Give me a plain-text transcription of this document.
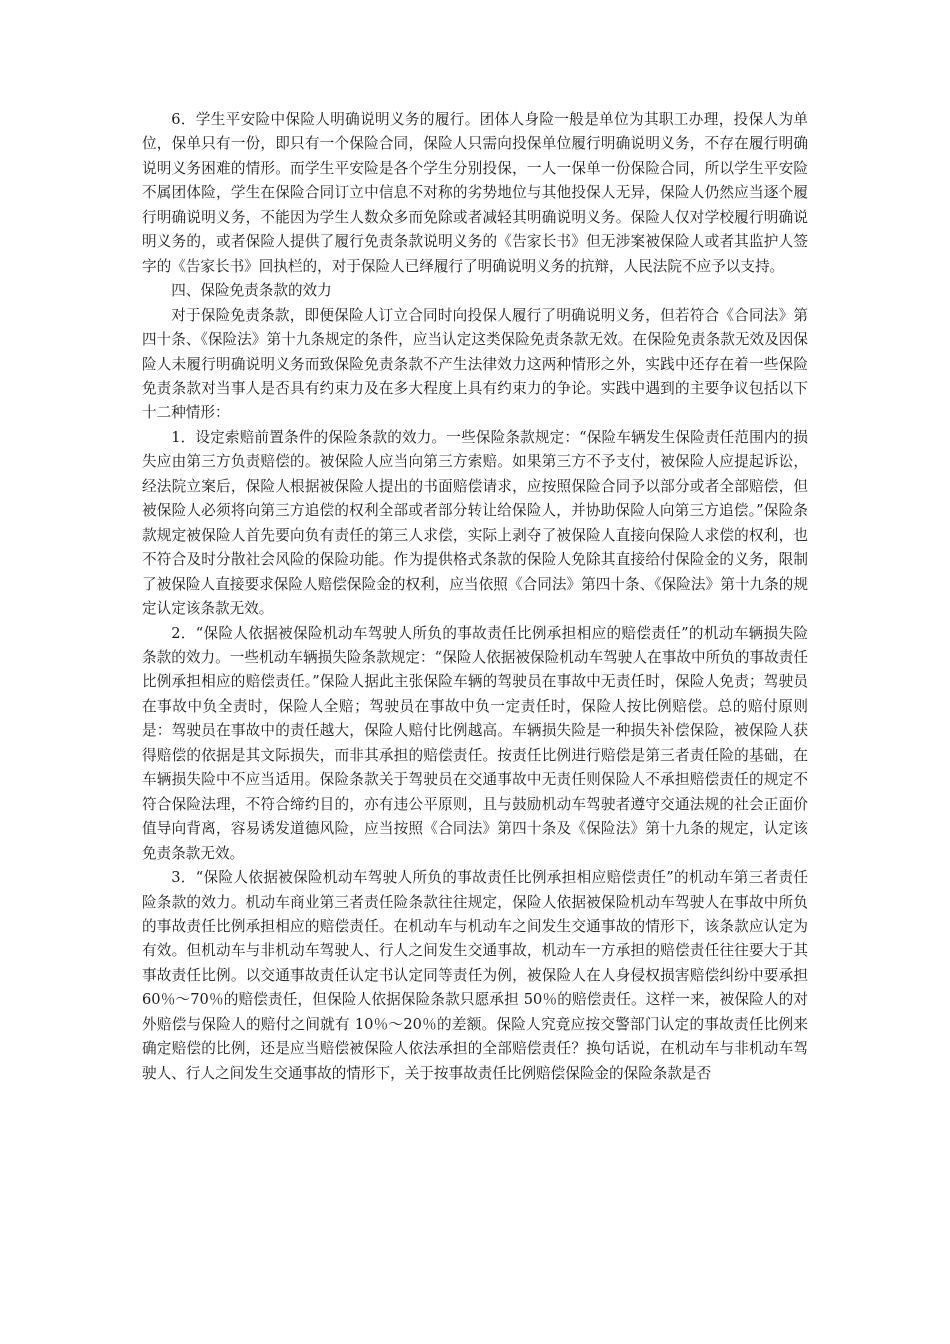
6．学生平安险中保险人明确说明义务的履行。团体人身险一般是单位为其职工办理，投保人为单位，保单只有一份，即只有一个保险合同，保险人只需向投保单位履行明确说明义务，不存在履行明确说明义务困难的情形。而学生平安险是各个学生分别投保，一人一保单一份保险合同，所以学生平安险不属团体险，学生在保险合同订立中信息不对称的劣势地位与其他投保人无异，保险人仍然应当逐个履行明确说明义务，不能因为学生人数众多而免除或者减轻其明确说明义务。保险人仅对学校履行明确说明义务的，或者保险人提供了履行免责条款说明义务的《告家长书》但无涉案被保险人或者其监护人签字的《告家长书》回执栏的，对于保险人已绎履行了明确说明义务的抗辩，人民法院不应予以支持。

四、保险免责条款的效力

对于保险免责条款，即便保险人订立合同时向投保人履行了明确说明义务，但若符合《合同法》第四十条、《保险法》第十九条规定的条件，应当认定这类保险免责条款无效。在保险免责条款无效及因保险人未履行明确说明义务而致保险免责条款不产生法律效力这两种情形之外，实践中还存在着一些保险免责条款对当事人是否具有约束力及在多大程度上具有约束力的争论。实践中遇到的主要争议包括以下十二种情形：

1．设定索赔前置条件的保险条款的效力。一些保险条款规定：“保险车辆发生保险责任范围内的损失应由第三方负责赔偿的。被保险人应当向第三方索赔。如果第三方不予支付，被保险人应提起诉讼，经法院立案后，保险人根据被保险人提出的书面赔偿请求，应按照保险合同予以部分或者全部赔偿，但被保险人必须将向第三方追偿的权利全部或者部分转让给保险人，并协助保险人向第三方追偿。”保险条款规定被保险人首先要向负有责任的第三人求偿，实际上剥夺了被保险人直接向保险人求偿的权利，也不符合及时分散社会风险的保险功能。作为提供格式条款的保险人免除其直接给付保险金的义务，限制了被保险人直接要求保险人赔偿保险金的权利，应当依照《合同法》第四十条、《保险法》第十九条的规定认定该条款无效。

2．“保险人依据被保险机动车驾驶人所负的事故责任比例承担相应的赔偿责任”的机动车辆损失险条款的效力。一些机动车辆损失险条款规定：“保险人依据被保险机动车驾驶人在事故中所负的事故责任比例承担相应的赔偿责任。”保险人据此主张保险车辆的驾驶员在事故中无责任时，保险人免责；驾驶员在事故中负全责时，保险人全赔；驾驶员在事故中负一定责任时，保险人按比例赔偿。总的赔付原则是：驾驶员在事故中的责任越大，保险人赔付比例越高。车辆损失险是一种损失补偿保险，被保险人获得赔偿的依据是其文际损失，而非其承担的赔偿责任。按责任比例进行赔偿是第三者责任险的基础，在车辆损失险中不应当适用。保险条款关于驾驶员在交通事故中无责任则保险人不承担赔偿责任的规定不符合保险法理，不符合缔约目的，亦有违公平原则，且与鼓励机动车驾驶者遵守交通法规的社会正面价值导向背离，容易诱发道德风险，应当按照《合同法》第四十条及《保险法》第十九条的规定，认定该免责条款无效。

3．“保险人依据被保险机动车驾驶人所负的事故责任比例承担相应赔偿责任”的机动车第三者责任险条款的效力。机动车商业第三者责任险条款往往规定，保险人依据被保险机动车驾驶人在事故中所负的事故责任比例承担相应的赔偿责任。在机动车与机动车之间发生交通事故的情形下，该条款应认定为有效。但机动车与非机动车驾驶人、行人之间发生交通事故，机动车一方承担的赔偿责任往往要大于其事故责任比例。以交通事故责任认定书认定同等责任为例，被保险人在人身侵权损害赔偿纠纷中要承担 60％～70％的赔偿责任，但保险人依据保险条款只愿承担 50％的赔偿责任。这样一来，被保险人的对外赔偿与保险人的赔付之间就有 10％～20％的差额。保险人究竟应按交警部门认定的事故责任比例来确定赔偿的比例，还是应当赔偿被保险人依法承担的全部赔偿责任？换句话说，在机动车与非机动车驾驶人、行人之间发生交通事故的情形下，关于按事故责任比例赔偿保险金的保险条款是否
